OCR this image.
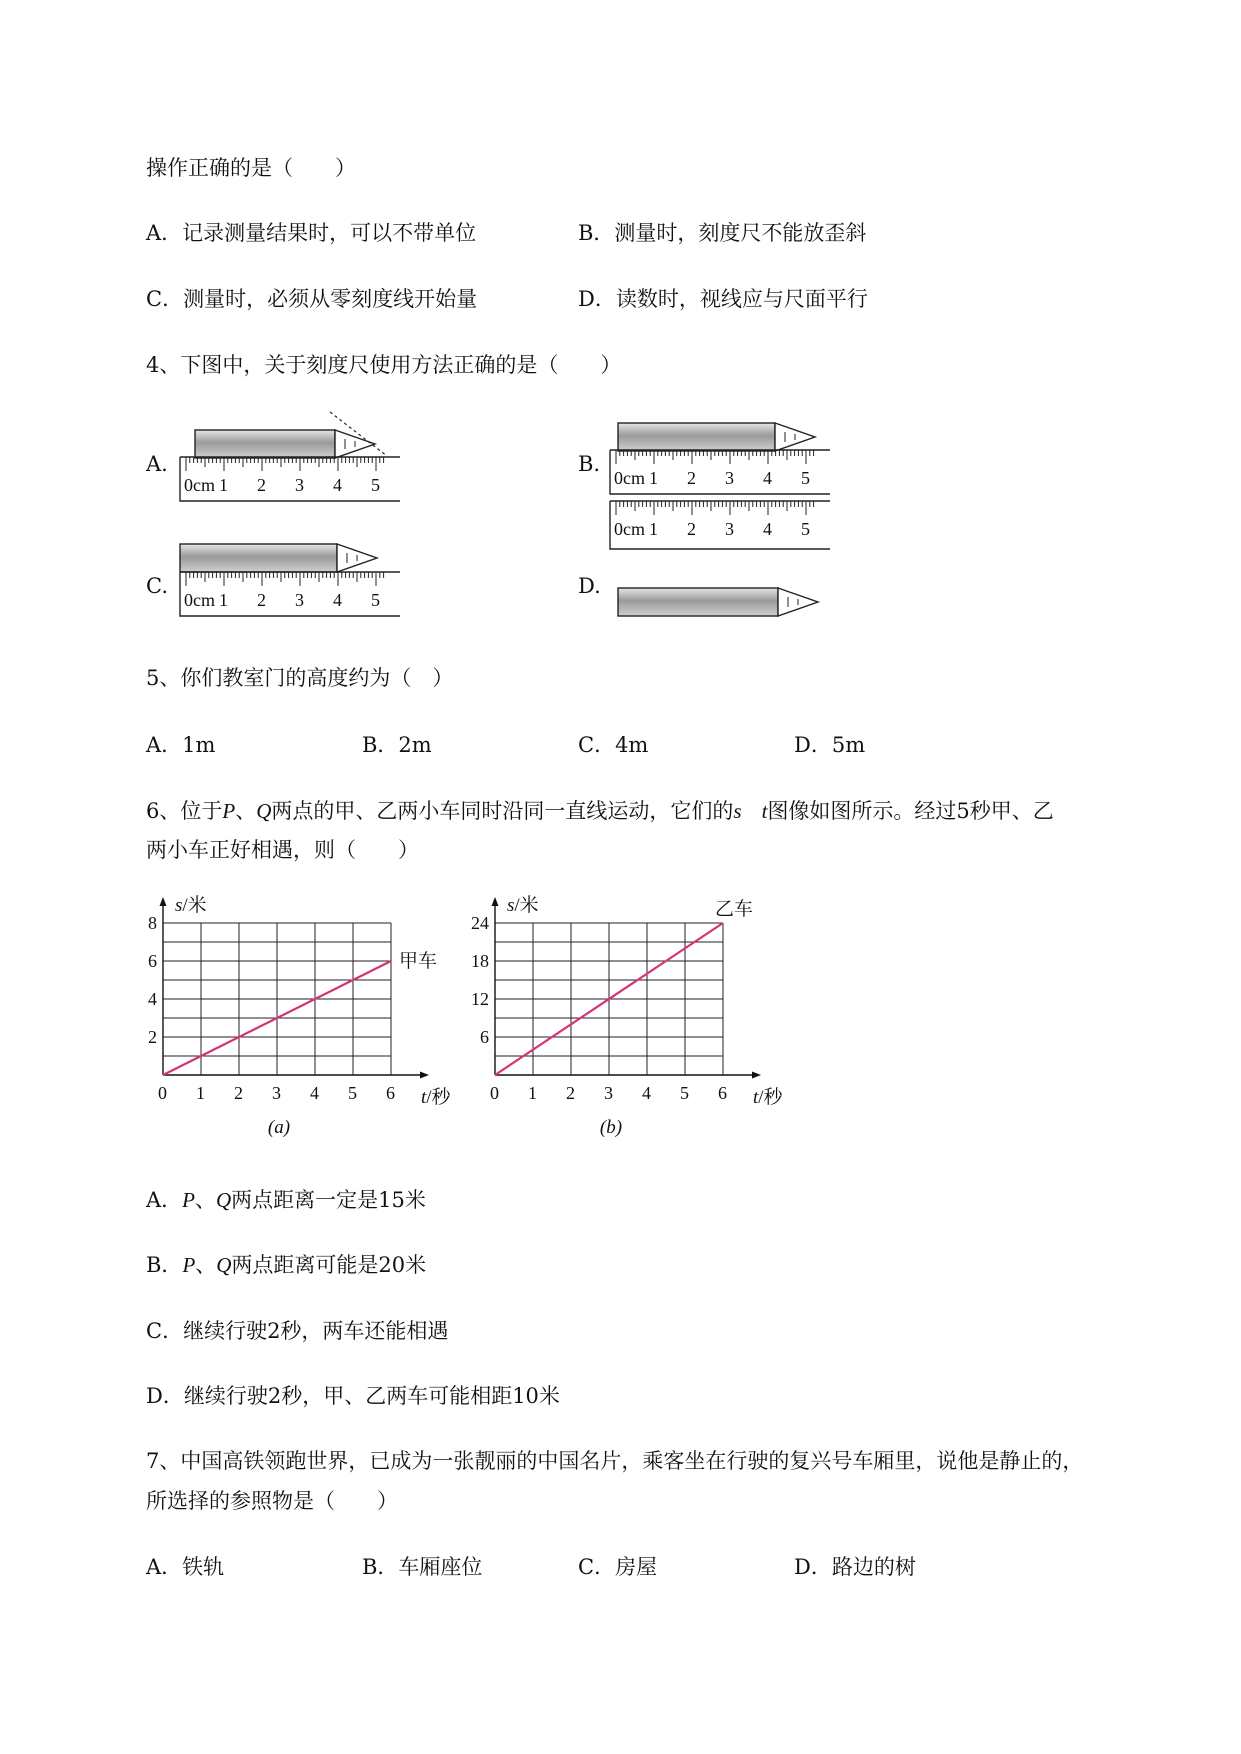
操作正确的是（　　）
A．记录测量结果时，可以不带单位	B．测量时，刻度尺不能放歪斜
C．测量时，必须从零刻度线开始量	D．读数时，视线应与尺面平行
4、下图中，关于刻度尺使用方法正确的是（　　）
A.	B.
C.	D.
0cm 1 2 3 4 5	0cm 1 2 3 4 5
0cm 1 2 3 4 5
0cm 1 2 3 4 5
5、你们教室门的高度约为（　）
A．1m	B．2m	C．4m	D．5m
6、位于P、Q两点的甲、乙两小车同时沿同一直线运动，它们的s t图像如图所示。经过5秒甲、乙
两小车正好相遇，则（　　）
0 1 2 3 4 5 6
2
4
6
8
s/米
t/秒
甲车
(a)
0 1 2 3 4 5 6
6
12
18
24
s/米
t/秒
乙车
(b)
A．P、Q两点距离一定是15米
B．P、Q两点距离可能是20米
C．继续行驶2秒，两车还能相遇
D．继续行驶2秒，甲、乙两车可能相距10米
7、中国高铁领跑世界，已成为一张靓丽的中国名片，乘客坐在行驶的复兴号车厢里，说他是静止的，
所选择的参照物是（　　）
A．铁轨	B．车厢座位	C．房屋	D．路边的树
